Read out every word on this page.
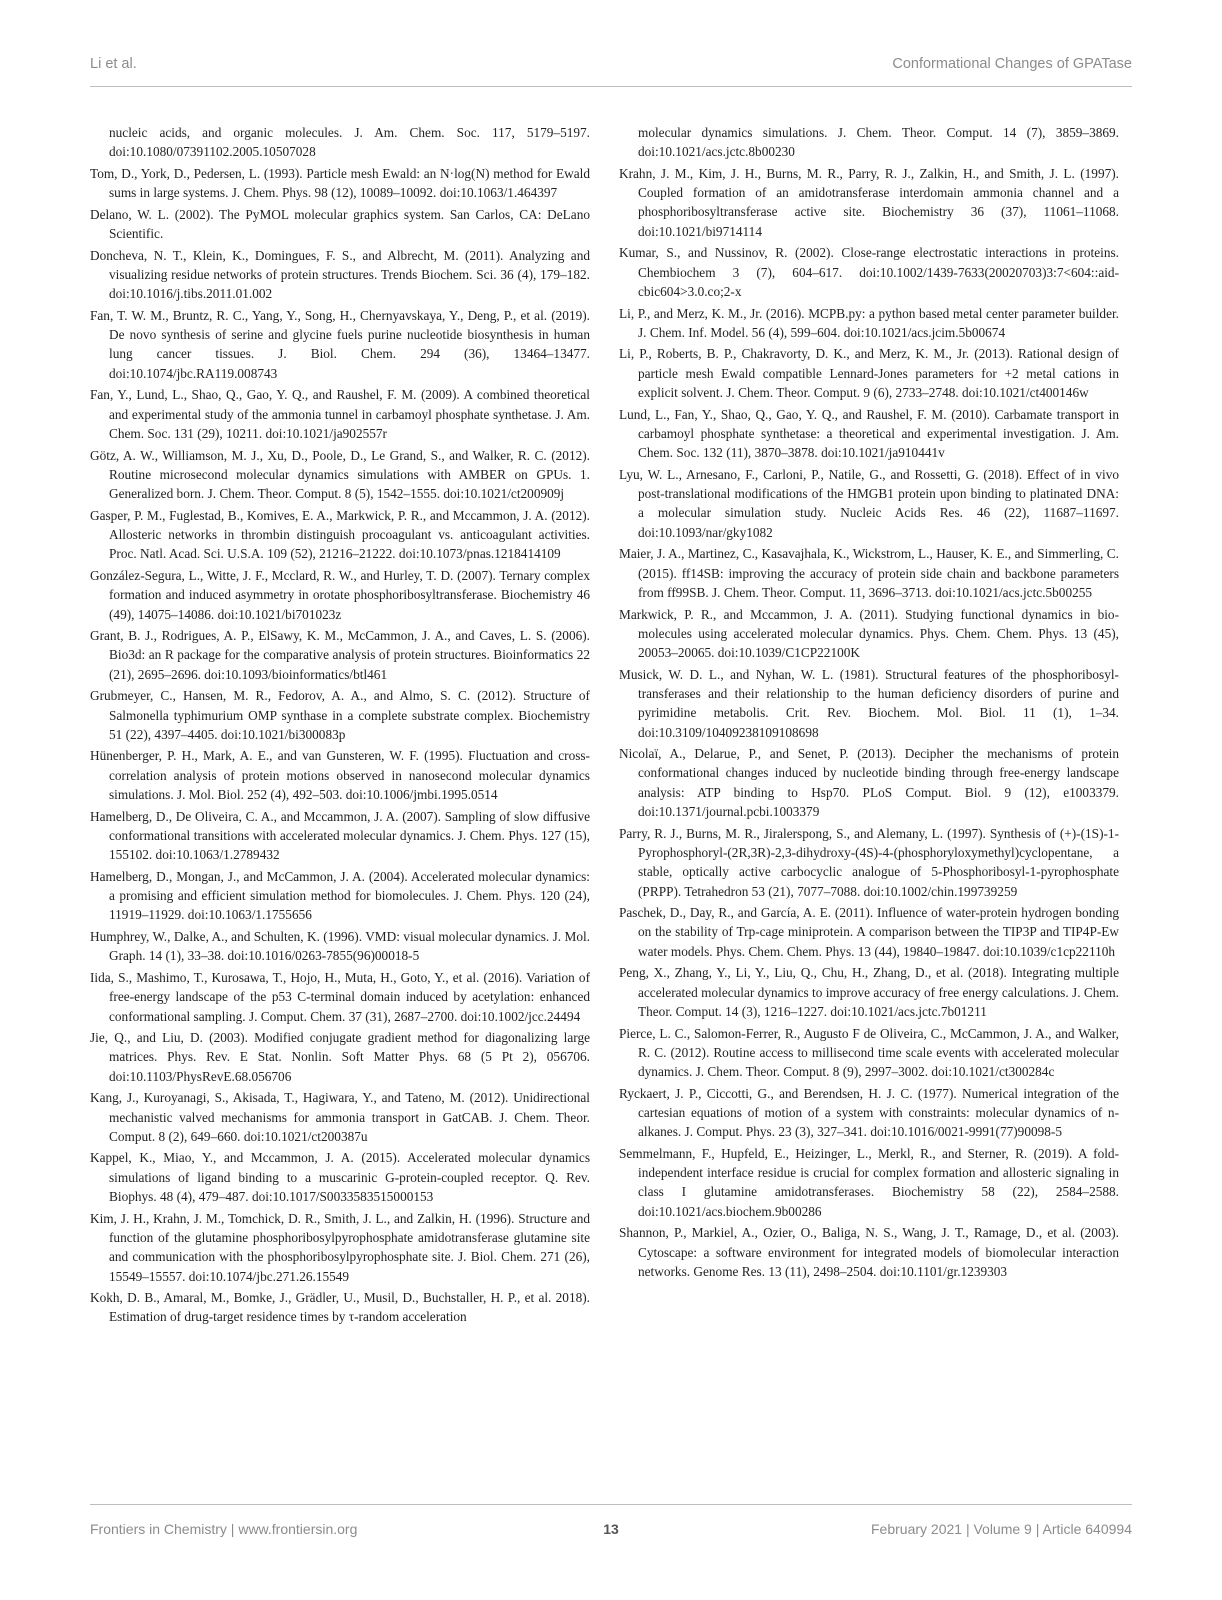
Li et al.	Conformational Changes of GPATase

nucleic acids, and organic molecules. J. Am. Chem. Soc. 117, 5179–5197. doi:10.1080/07391102.2005.10507028

Tom, D., York, D., Pedersen, L. (1993). Particle mesh Ewald: an N·log(N) method for Ewald sums in large systems. J. Chem. Phys. 98 (12), 10089–10092. doi:10.1063/1.464397

Delano, W. L. (2002). The PyMOL molecular graphics system. San Carlos, CA: DeLano Scientific.

Doncheva, N. T., Klein, K., Domingues, F. S., and Albrecht, M. (2011). Analyzing and visualizing residue networks of protein structures. Trends Biochem. Sci. 36 (4), 179–182. doi:10.1016/j.tibs.2011.01.002

Fan, T. W. M., Bruntz, R. C., Yang, Y., Song, H., Chernyavskaya, Y., Deng, P., et al. (2019). De novo synthesis of serine and glycine fuels purine nucleotide biosynthesis in human lung cancer tissues. J. Biol. Chem. 294 (36), 13464–13477. doi:10.1074/jbc.RA119.008743

Fan, Y., Lund, L., Shao, Q., Gao, Y. Q., and Raushel, F. M. (2009). A combined theoretical and experimental study of the ammonia tunnel in carbamoyl phosphate synthetase. J. Am. Chem. Soc. 131 (29), 10211. doi:10.1021/ja902557r

Götz, A. W., Williamson, M. J., Xu, D., Poole, D., Le Grand, S., and Walker, R. C. (2012). Routine microsecond molecular dynamics simulations with AMBER on GPUs. 1. Generalized born. J. Chem. Theor. Comput. 8 (5), 1542–1555. doi:10.1021/ct200909j

Gasper, P. M., Fuglestad, B., Komives, E. A., Markwick, P. R., and Mccammon, J. A. (2012). Allosteric networks in thrombin distinguish procoagulant vs. anticoagulant activities. Proc. Natl. Acad. Sci. U.S.A. 109 (52), 21216–21222. doi:10.1073/pnas.1218414109

González-Segura, L., Witte, J. F., Mcclard, R. W., and Hurley, T. D. (2007). Ternary complex formation and induced asymmetry in orotate phosphoribosyltransferase. Biochemistry 46 (49), 14075–14086. doi:10.1021/bi701023z

Grant, B. J., Rodrigues, A. P., ElSawy, K. M., McCammon, J. A., and Caves, L. S. (2006). Bio3d: an R package for the comparative analysis of protein structures. Bioinformatics 22 (21), 2695–2696. doi:10.1093/bioinformatics/btl461

Grubmeyer, C., Hansen, M. R., Fedorov, A. A., and Almo, S. C. (2012). Structure of Salmonella typhimurium OMP synthase in a complete substrate complex. Biochemistry 51 (22), 4397–4405. doi:10.1021/bi300083p

Hünenberger, P. H., Mark, A. E., and van Gunsteren, W. F. (1995). Fluctuation and cross-correlation analysis of protein motions observed in nanosecond molecular dynamics simulations. J. Mol. Biol. 252 (4), 492–503. doi:10.1006/jmbi.1995.0514

Hamelberg, D., De Oliveira, C. A., and Mccammon, J. A. (2007). Sampling of slow diffusive conformational transitions with accelerated molecular dynamics. J. Chem. Phys. 127 (15), 155102. doi:10.1063/1.2789432

Hamelberg, D., Mongan, J., and McCammon, J. A. (2004). Accelerated molecular dynamics: a promising and efficient simulation method for biomolecules. J. Chem. Phys. 120 (24), 11919–11929. doi:10.1063/1.1755656

Humphrey, W., Dalke, A., and Schulten, K. (1996). VMD: visual molecular dynamics. J. Mol. Graph. 14 (1), 33–38. doi:10.1016/0263-7855(96)00018-5

Iida, S., Mashimo, T., Kurosawa, T., Hojo, H., Muta, H., Goto, Y., et al. (2016). Variation of free-energy landscape of the p53 C-terminal domain induced by acetylation: enhanced conformational sampling. J. Comput. Chem. 37 (31), 2687–2700. doi:10.1002/jcc.24494

Jie, Q., and Liu, D. (2003). Modified conjugate gradient method for diagonalizing large matrices. Phys. Rev. E Stat. Nonlin. Soft Matter Phys. 68 (5 Pt 2), 056706. doi:10.1103/PhysRevE.68.056706

Kang, J., Kuroyanagi, S., Akisada, T., Hagiwara, Y., and Tateno, M. (2012). Unidirectional mechanistic valved mechanisms for ammonia transport in GatCAB. J. Chem. Theor. Comput. 8 (2), 649–660. doi:10.1021/ct200387u

Kappel, K., Miao, Y., and Mccammon, J. A. (2015). Accelerated molecular dynamics simulations of ligand binding to a muscarinic G-protein-coupled receptor. Q. Rev. Biophys. 48 (4), 479–487. doi:10.1017/S0033583515000153

Kim, J. H., Krahn, J. M., Tomchick, D. R., Smith, J. L., and Zalkin, H. (1996). Structure and function of the glutamine phosphoribosylpyrophosphate amidotransferase glutamine site and communication with the phosphoribosylpyrophosphate site. J. Biol. Chem. 271 (26), 15549–15557. doi:10.1074/jbc.271.26.15549

Kokh, D. B., Amaral, M., Bomke, J., Grädler, U., Musil, D., Buchstaller, H. P., et al. 2018). Estimation of drug-target residence times by τ-random acceleration

molecular dynamics simulations. J. Chem. Theor. Comput. 14 (7), 3859–3869. doi:10.1021/acs.jctc.8b00230

Krahn, J. M., Kim, J. H., Burns, M. R., Parry, R. J., Zalkin, H., and Smith, J. L. (1997). Coupled formation of an amidotransferase interdomain ammonia channel and a phosphoribosyltransferase active site. Biochemistry 36 (37), 11061–11068. doi:10.1021/bi9714114

Kumar, S., and Nussinov, R. (2002). Close-range electrostatic interactions in proteins. Chembiochem 3 (7), 604–617. doi:10.1002/1439-7633(20020703)3:7<604::aid-cbic604>3.0.co;2-x

Li, P., and Merz, K. M., Jr. (2016). MCPB.py: a python based metal center parameter builder. J. Chem. Inf. Model. 56 (4), 599–604. doi:10.1021/acs.jcim.5b00674

Li, P., Roberts, B. P., Chakravorty, D. K., and Merz, K. M., Jr. (2013). Rational design of particle mesh Ewald compatible Lennard-Jones parameters for +2 metal cations in explicit solvent. J. Chem. Theor. Comput. 9 (6), 2733–2748. doi:10.1021/ct400146w

Lund, L., Fan, Y., Shao, Q., Gao, Y. Q., and Raushel, F. M. (2010). Carbamate transport in carbamoyl phosphate synthetase: a theoretical and experimental investigation. J. Am. Chem. Soc. 132 (11), 3870–3878. doi:10.1021/ja910441v

Lyu, W. L., Arnesano, F., Carloni, P., Natile, G., and Rossetti, G. (2018). Effect of in vivo post-translational modifications of the HMGB1 protein upon binding to platinated DNA: a molecular simulation study. Nucleic Acids Res. 46 (22), 11687–11697. doi:10.1093/nar/gky1082

Maier, J. A., Martinez, C., Kasavajhala, K., Wickstrom, L., Hauser, K. E., and Simmerling, C. (2015). ff14SB: improving the accuracy of protein side chain and backbone parameters from ff99SB. J. Chem. Theor. Comput. 11, 3696–3713. doi:10.1021/acs.jctc.5b00255

Markwick, P. R., and Mccammon, J. A. (2011). Studying functional dynamics in bio-molecules using accelerated molecular dynamics. Phys. Chem. Chem. Phys. 13 (45), 20053–20065. doi:10.1039/C1CP22100K

Musick, W. D. L., and Nyhan, W. L. (1981). Structural features of the phosphoribosyl-transferases and their relationship to the human deficiency disorders of purine and pyrimidine metabolis. Crit. Rev. Biochem. Mol. Biol. 11 (1), 1–34. doi:10.3109/10409238109108698

Nicolaï, A., Delarue, P., and Senet, P. (2013). Decipher the mechanisms of protein conformational changes induced by nucleotide binding through free-energy landscape analysis: ATP binding to Hsp70. PLoS Comput. Biol. 9 (12), e1003379. doi:10.1371/journal.pcbi.1003379

Parry, R. J., Burns, M. R., Jiralerspong, S., and Alemany, L. (1997). Synthesis of (+)-(1S)-1-Pyrophosphoryl-(2R,3R)-2,3-dihydroxy-(4S)-4-(phosphoryloxymethyl)cyclopentane, a stable, optically active carbocyclic analogue of 5-Phosphoribosyl-1-pyrophosphate (PRPP). Tetrahedron 53 (21), 7077–7088. doi:10.1002/chin.199739259

Paschek, D., Day, R., and García, A. E. (2011). Influence of water-protein hydrogen bonding on the stability of Trp-cage miniprotein. A comparison between the TIP3P and TIP4P-Ew water models. Phys. Chem. Chem. Phys. 13 (44), 19840–19847. doi:10.1039/c1cp22110h

Peng, X., Zhang, Y., Li, Y., Liu, Q., Chu, H., Zhang, D., et al. (2018). Integrating multiple accelerated molecular dynamics to improve accuracy of free energy calculations. J. Chem. Theor. Comput. 14 (3), 1216–1227. doi:10.1021/acs.jctc.7b01211

Pierce, L. C., Salomon-Ferrer, R., Augusto F de Oliveira, C., McCammon, J. A., and Walker, R. C. (2012). Routine access to millisecond time scale events with accelerated molecular dynamics. J. Chem. Theor. Comput. 8 (9), 2997–3002. doi:10.1021/ct300284c

Ryckaert, J. P., Ciccotti, G., and Berendsen, H. J. C. (1977). Numerical integration of the cartesian equations of motion of a system with constraints: molecular dynamics of n-alkanes. J. Comput. Phys. 23 (3), 327–341. doi:10.1016/0021-9991(77)90098-5

Semmelmann, F., Hupfeld, E., Heizinger, L., Merkl, R., and Sterner, R. (2019). A fold-independent interface residue is crucial for complex formation and allosteric signaling in class I glutamine amidotransferases. Biochemistry 58 (22), 2584–2588. doi:10.1021/acs.biochem.9b00286

Shannon, P., Markiel, A., Ozier, O., Baliga, N. S., Wang, J. T., Ramage, D., et al. (2003). Cytoscape: a software environment for integrated models of biomolecular interaction networks. Genome Res. 13 (11), 2498–2504. doi:10.1101/gr.1239303

Frontiers in Chemistry | www.frontiersin.org	13	February 2021 | Volume 9 | Article 640994
